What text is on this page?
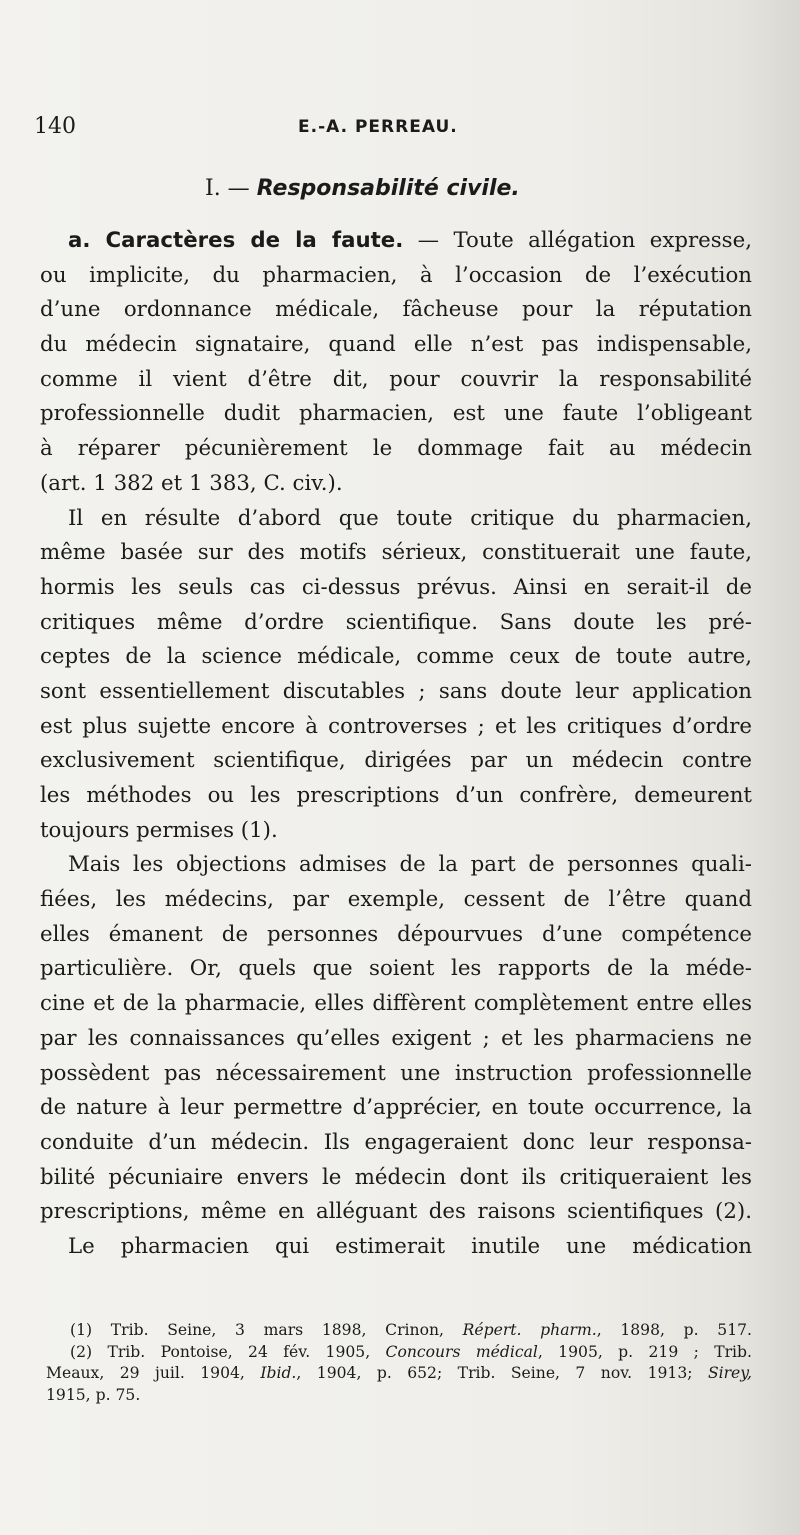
140	E.-A. PERREAU.
I. — Responsabilité civile.
a. Caractères de la faute. — Toute allégation expresse,
ou implicite, du pharmacien, à l’occasion de l’exécution
d’une ordonnance médicale, fâcheuse pour la réputation
du médecin signataire, quand elle n’est pas indispensable,
comme il vient d’être dit, pour couvrir la responsabilité
professionnelle dudit pharmacien, est une faute l’obligeant
à réparer pécunièrement le dommage fait au médecin
(art. 1 382 et 1 383, C. civ.).
Il en résulte d’abord que toute critique du pharmacien,
même basée sur des motifs sérieux, constituerait une faute,
hormis les seuls cas ci-dessus prévus. Ainsi en serait-il de
critiques même d’ordre scientifique. Sans doute les pré-
ceptes de la science médicale, comme ceux de toute autre,
sont essentiellement discutables ; sans doute leur application
est plus sujette encore à controverses ; et les critiques d’ordre
exclusivement scientifique, dirigées par un médecin contre
les méthodes ou les prescriptions d’un confrère, demeurent
toujours permises (1).
Mais les objections admises de la part de personnes quali-
fiées, les médecins, par exemple, cessent de l’être quand
elles émanent de personnes dépourvues d’une compétence
particulière. Or, quels que soient les rapports de la méde-
cine et de la pharmacie, elles diffèrent complètement entre elles
par les connaissances qu’elles exigent ; et les pharmaciens ne
possèdent pas nécessairement une instruction professionnelle
de nature à leur permettre d’apprécier, en toute occurrence, la
conduite d’un médecin. Ils engageraient donc leur responsa-
bilité pécuniaire envers le médecin dont ils critiqueraient les
prescriptions, même en alléguant des raisons scientifiques (2).
Le pharmacien qui estimerait inutile une médication
(1) Trib. Seine, 3 mars 1898, Crinon, Répert. pharm., 1898, p. 517.
(2) Trib. Pontoise, 24 fév. 1905, Concours médical, 1905, p. 219 ; Trib.
Meaux, 29 juil. 1904, Ibid., 1904, p. 652; Trib. Seine, 7 nov. 1913; Sirey,
1915, p. 75.
